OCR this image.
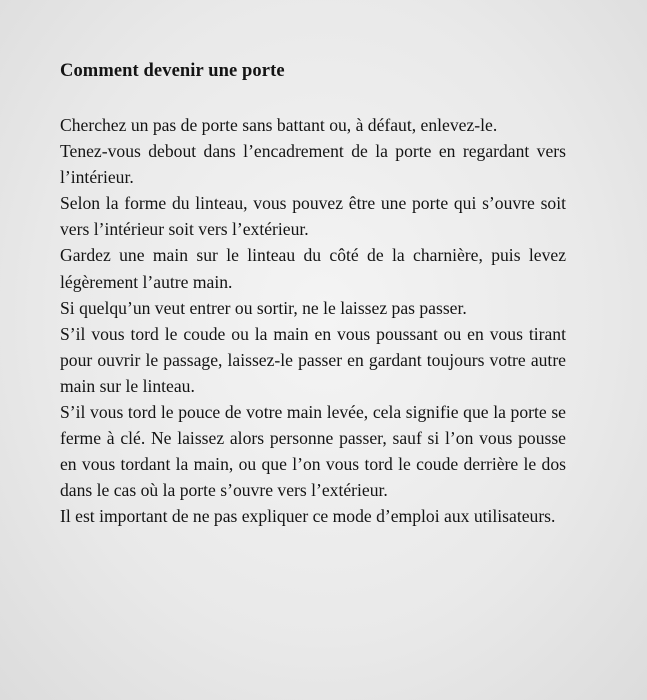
Comment devenir une porte

Cherchez un pas de porte sans battant ou, à défaut, enlevez-le.

Tenez-vous debout dans l’encadrement de la porte en regardant vers l’intérieur.

Selon la forme du linteau, vous pouvez être une porte qui s’ouvre soit vers l’intérieur soit vers l’extérieur.

Gardez une main sur le linteau du côté de la charnière, puis levez légèrement l’autre main.

Si quelqu’un veut entrer ou sortir, ne le laissez pas passer.

S’il vous tord le coude ou la main en vous poussant ou en vous tirant pour ouvrir le passage, laissez-le passer en gardant toujours votre autre main sur le linteau.

S’il vous tord le pouce de votre main levée, cela signifie que la porte se ferme à clé. Ne laissez alors personne passer, sauf si l’on vous pousse en vous tordant la main, ou que l’on vous tord le coude derrière le dos dans le cas où la porte s’ouvre vers l’extérieur.

Il est important de ne pas expliquer ce mode d’emploi aux utilisateurs.
